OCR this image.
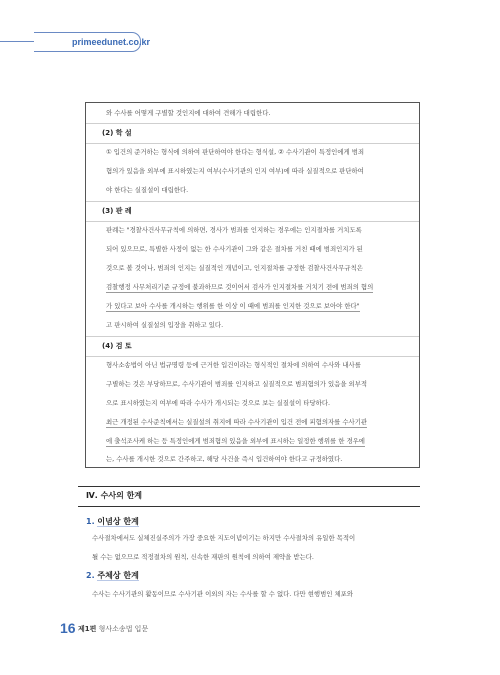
primeedunet.co.kr
와 수사를 어떻게 구별할 것인지에 대하여 견해가 대립한다.
(2) 학 설
① 입건의 준거하는 형식에 의하여 판단하여야 한다는 형식설, ② 수사기관이 특정인에게 범죄
혐의가 있음을 외부에 표시하였는지 여부(수사기관의 인지 여부)에 따라 실질적으로 판단하여
야 한다는 실질설이 대립한다.
(3) 판 례
판례는 "경찰사건사무규칙에 의하면, 경사가 범죄를 인지하는 경우에는 인지절차를 거치도록
되어 있으므로, 특별한 사정이 없는 한 수사기관이 그와 같은 절차를 거친 때에 범죄인지가 된
것으로 볼 것이나, 범죄의 인지는 실질적인 개념이고, 인지절차를 규정한 검찰사건사무규칙은
검찰행정 사무처리기준 규정에 불과하므로 것이어서 검사가 인지절차를 거치기 전에 범죄의 혐의
가 있다고 보아 수사를 개시하는 행위를 한 이상 이 때에 범죄를 인지한 것으로 보아야 한다"
고 판시하여 실질설의 입장을 취하고 있다.
(4) 검 토
형사소송법이 아닌 법규명령 등에 근거한 입건이라는 형식적인 절차에 의하여 수사와 내사를
구별하는 것은 부당하므로, 수사기관이 범죄를 인지하고 실질적으로 범죄혐의가 있음을 외부적
으로 표시하였는지 여부에 따라 수사가 개시되는 것으로 보는 실질설이 타당하다.
최근 개정된 수사준칙에서는 실질설의 취지에 따라 수사기관이 입건 전에 피혐의자를 수사기관
에 출석조사케 하는 등 특정인에게 범죄혐의 있음을 외부에 표시하는 일정한 행위를 한 경우에
는, 수사를 개시한 것으로 간주하고, 해당 사건을 즉시 입건하여야 한다고 규정하였다.
Ⅳ. 수사의 한계
1. 이념상 한계
수사절차에서도 실체진실주의가 가장 중요한 지도이념이기는 하지만 수사절차의 유일한 목적이
될 수는 없으므로 적정절차의 원칙, 신속한 재판의 원칙에 의하여 제약을 받는다.
2. 주체상 한계
수사는 수사기관의 활동이므로 수사기관 이외의 자는 수사를 할 수 없다. 다만 현행범인 체포와
16 제1편 형사소송법 입문
